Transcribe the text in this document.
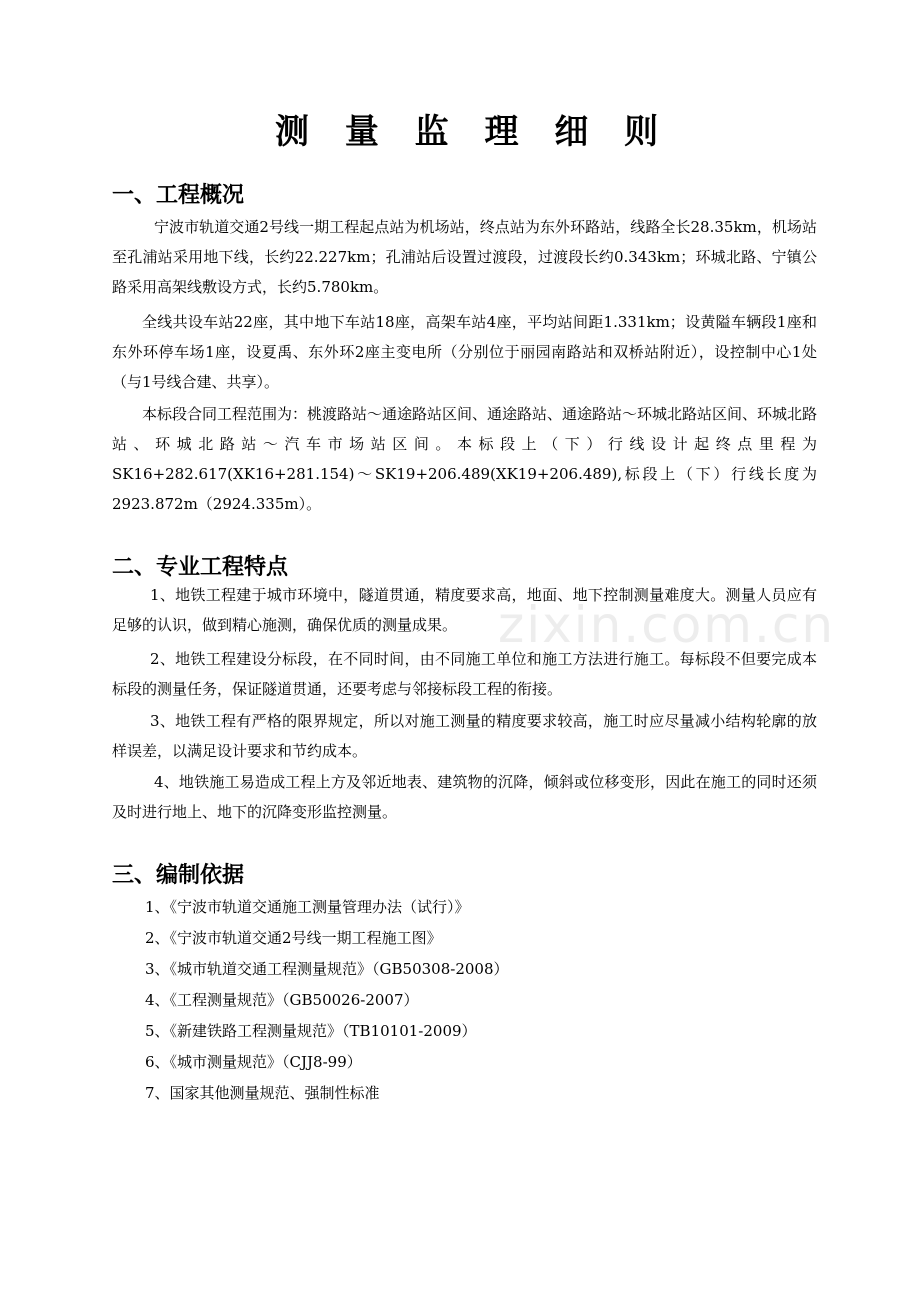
zixin.com.cn
测 量 监 理 细 则
一、工程概况

宁波市轨道交通2号线一期工程起点站为机场站，终点站为东外环路站，线路全长28.35km，机场站至孔浦站采用地下线，长约22.227km；孔浦站后设置过渡段，过渡段长约0.343km；环城北路、宁镇公路采用高架线敷设方式，长约5.780km。

全线共设车站22座，其中地下车站18座，高架车站4座，平均站间距1.331km；设黄隘车辆段1座和东外环停车场1座，设夏禹、东外环2座主变电所（分别位于丽园南路站和双桥站附近），设控制中心1处（与1号线合建、共享）。

本标段合同工程范围为：桃渡路站～通途路站区间、通途路站、通途路站～环城北路站区间、环城北路站、环城北路站～汽车市场站区间。本标段上（下）行线设计起终点里程为SK16+282.617(XK16+281.154)～SK19+206.489(XK19+206.489),标段上（下）行线长度为2923.872m（2924.335m）。

二、专业工程特点

1、地铁工程建于城市环境中，隧道贯通，精度要求高，地面、地下控制测量难度大。测量人员应有足够的认识，做到精心施测，确保优质的测量成果。

2、地铁工程建设分标段，在不同时间，由不同施工单位和施工方法进行施工。每标段不但要完成本标段的测量任务，保证隧道贯通，还要考虑与邻接标段工程的衔接。

3、地铁工程有严格的限界规定，所以对施工测量的精度要求较高，施工时应尽量减小结构轮廓的放样误差，以满足设计要求和节约成本。

4、地铁施工易造成工程上方及邻近地表、建筑物的沉降，倾斜或位移变形，因此在施工的同时还须及时进行地上、地下的沉降变形监控测量。

三、编制依据
1、《宁波市轨道交通施工测量管理办法（试行）》
2、《宁波市轨道交通2号线一期工程施工图》
3、《城市轨道交通工程测量规范》（GB50308-2008）
4、《工程测量规范》（GB50026-2007）
5、《新建铁路工程测量规范》（TB10101-2009）
6、《城市测量规范》（CJJ8-99）
7、国家其他测量规范、强制性标准
